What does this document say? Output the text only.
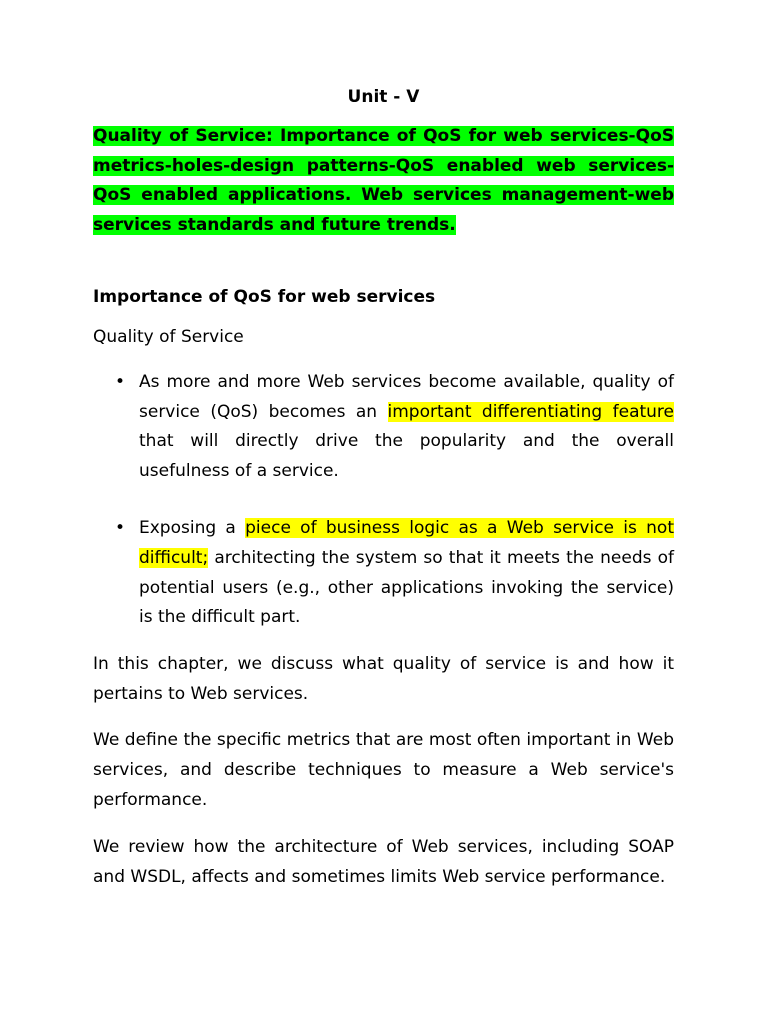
Unit - V

Quality of Service: Importance of QoS for web services-QoS metrics-holes-design patterns-QoS enabled web services-QoS enabled applications. Web services management-web services standards and future trends.

Importance of QoS for web services
Quality of Service
• As more and more Web services become available, quality of service (QoS) becomes an important differentiating feature that will directly drive the popularity and the overall usefulness of a service.
• Exposing a piece of business logic as a Web service is not difficult; architecting the system so that it meets the needs of potential users (e.g., other applications invoking the service) is the difficult part.

In this chapter, we discuss what quality of service is and how it pertains to Web services.

We define the specific metrics that are most often important in Web services, and describe techniques to measure a Web service's performance.

We review how the architecture of Web services, including SOAP and WSDL, affects and sometimes limits Web service performance.
